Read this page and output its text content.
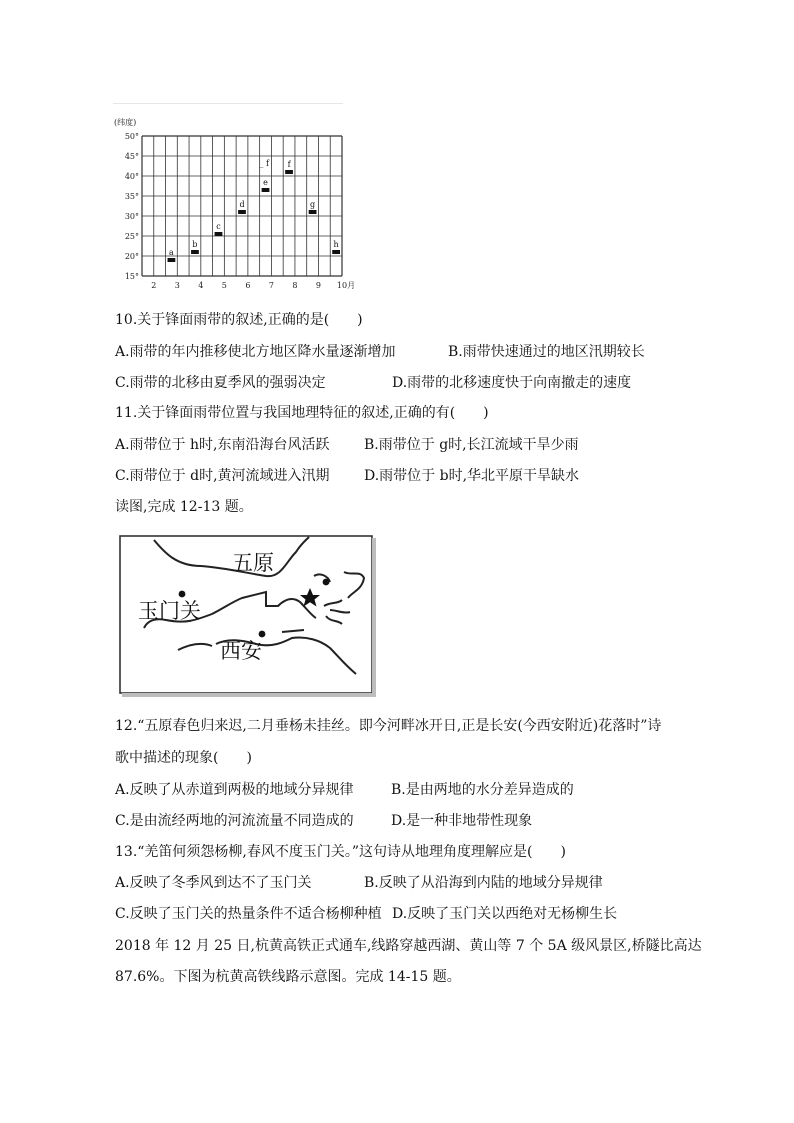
(纬度)
50°
45°
40°
35°
30°
25°
20°
15°
2 3 4 5 6 7 8 9 10月
a
b
c
d
e
f
g
h
_ f
10.关于锋面雨带的叙述,正确的是(　　)
A.雨带的年内推移使北方地区降水量逐渐增加	B.雨带快速通过的地区汛期较长
C.雨带的北移由夏季风的强弱决定	D.雨带的北移速度快于向南撤走的速度
11.关于锋面雨带位置与我国地理特征的叙述,正确的有(　　)
A.雨带位于 h时,东南沿海台风活跃 B.雨带位于 g时,长江流域干旱少雨
C.雨带位于 d时,黄河流域进入汛期 D.雨带位于 b时,华北平原干旱缺水
读图,完成 12-13 题。
五原
玉门关
西安
12.“五原春色归来迟,二月垂杨未挂丝。即今河畔冰开日,正是长安(今西安附近)花落时”诗
歌中描述的现象(　　)
A.反映了从赤道到两极的地域分异规律	B.是由两地的水分差异造成的
C.是由流经两地的河流流量不同造成的	D.是一种非地带性现象
13.“羌笛何须怨杨柳,春风不度玉门关。”这句诗从地理角度理解应是(　　)
A.反映了冬季风到达不了玉门关	B.反映了从沿海到内陆的地域分异规律
C.反映了玉门关的热量条件不适合杨柳种植 D.反映了玉门关以西绝对无杨柳生长
2018 年 12 月 25 日,杭黄高铁正式通车,线路穿越西湖、黄山等 7 个 5A 级风景区,桥隧比高达
87.6%。下图为杭黄高铁线路示意图。完成 14-15 题。
